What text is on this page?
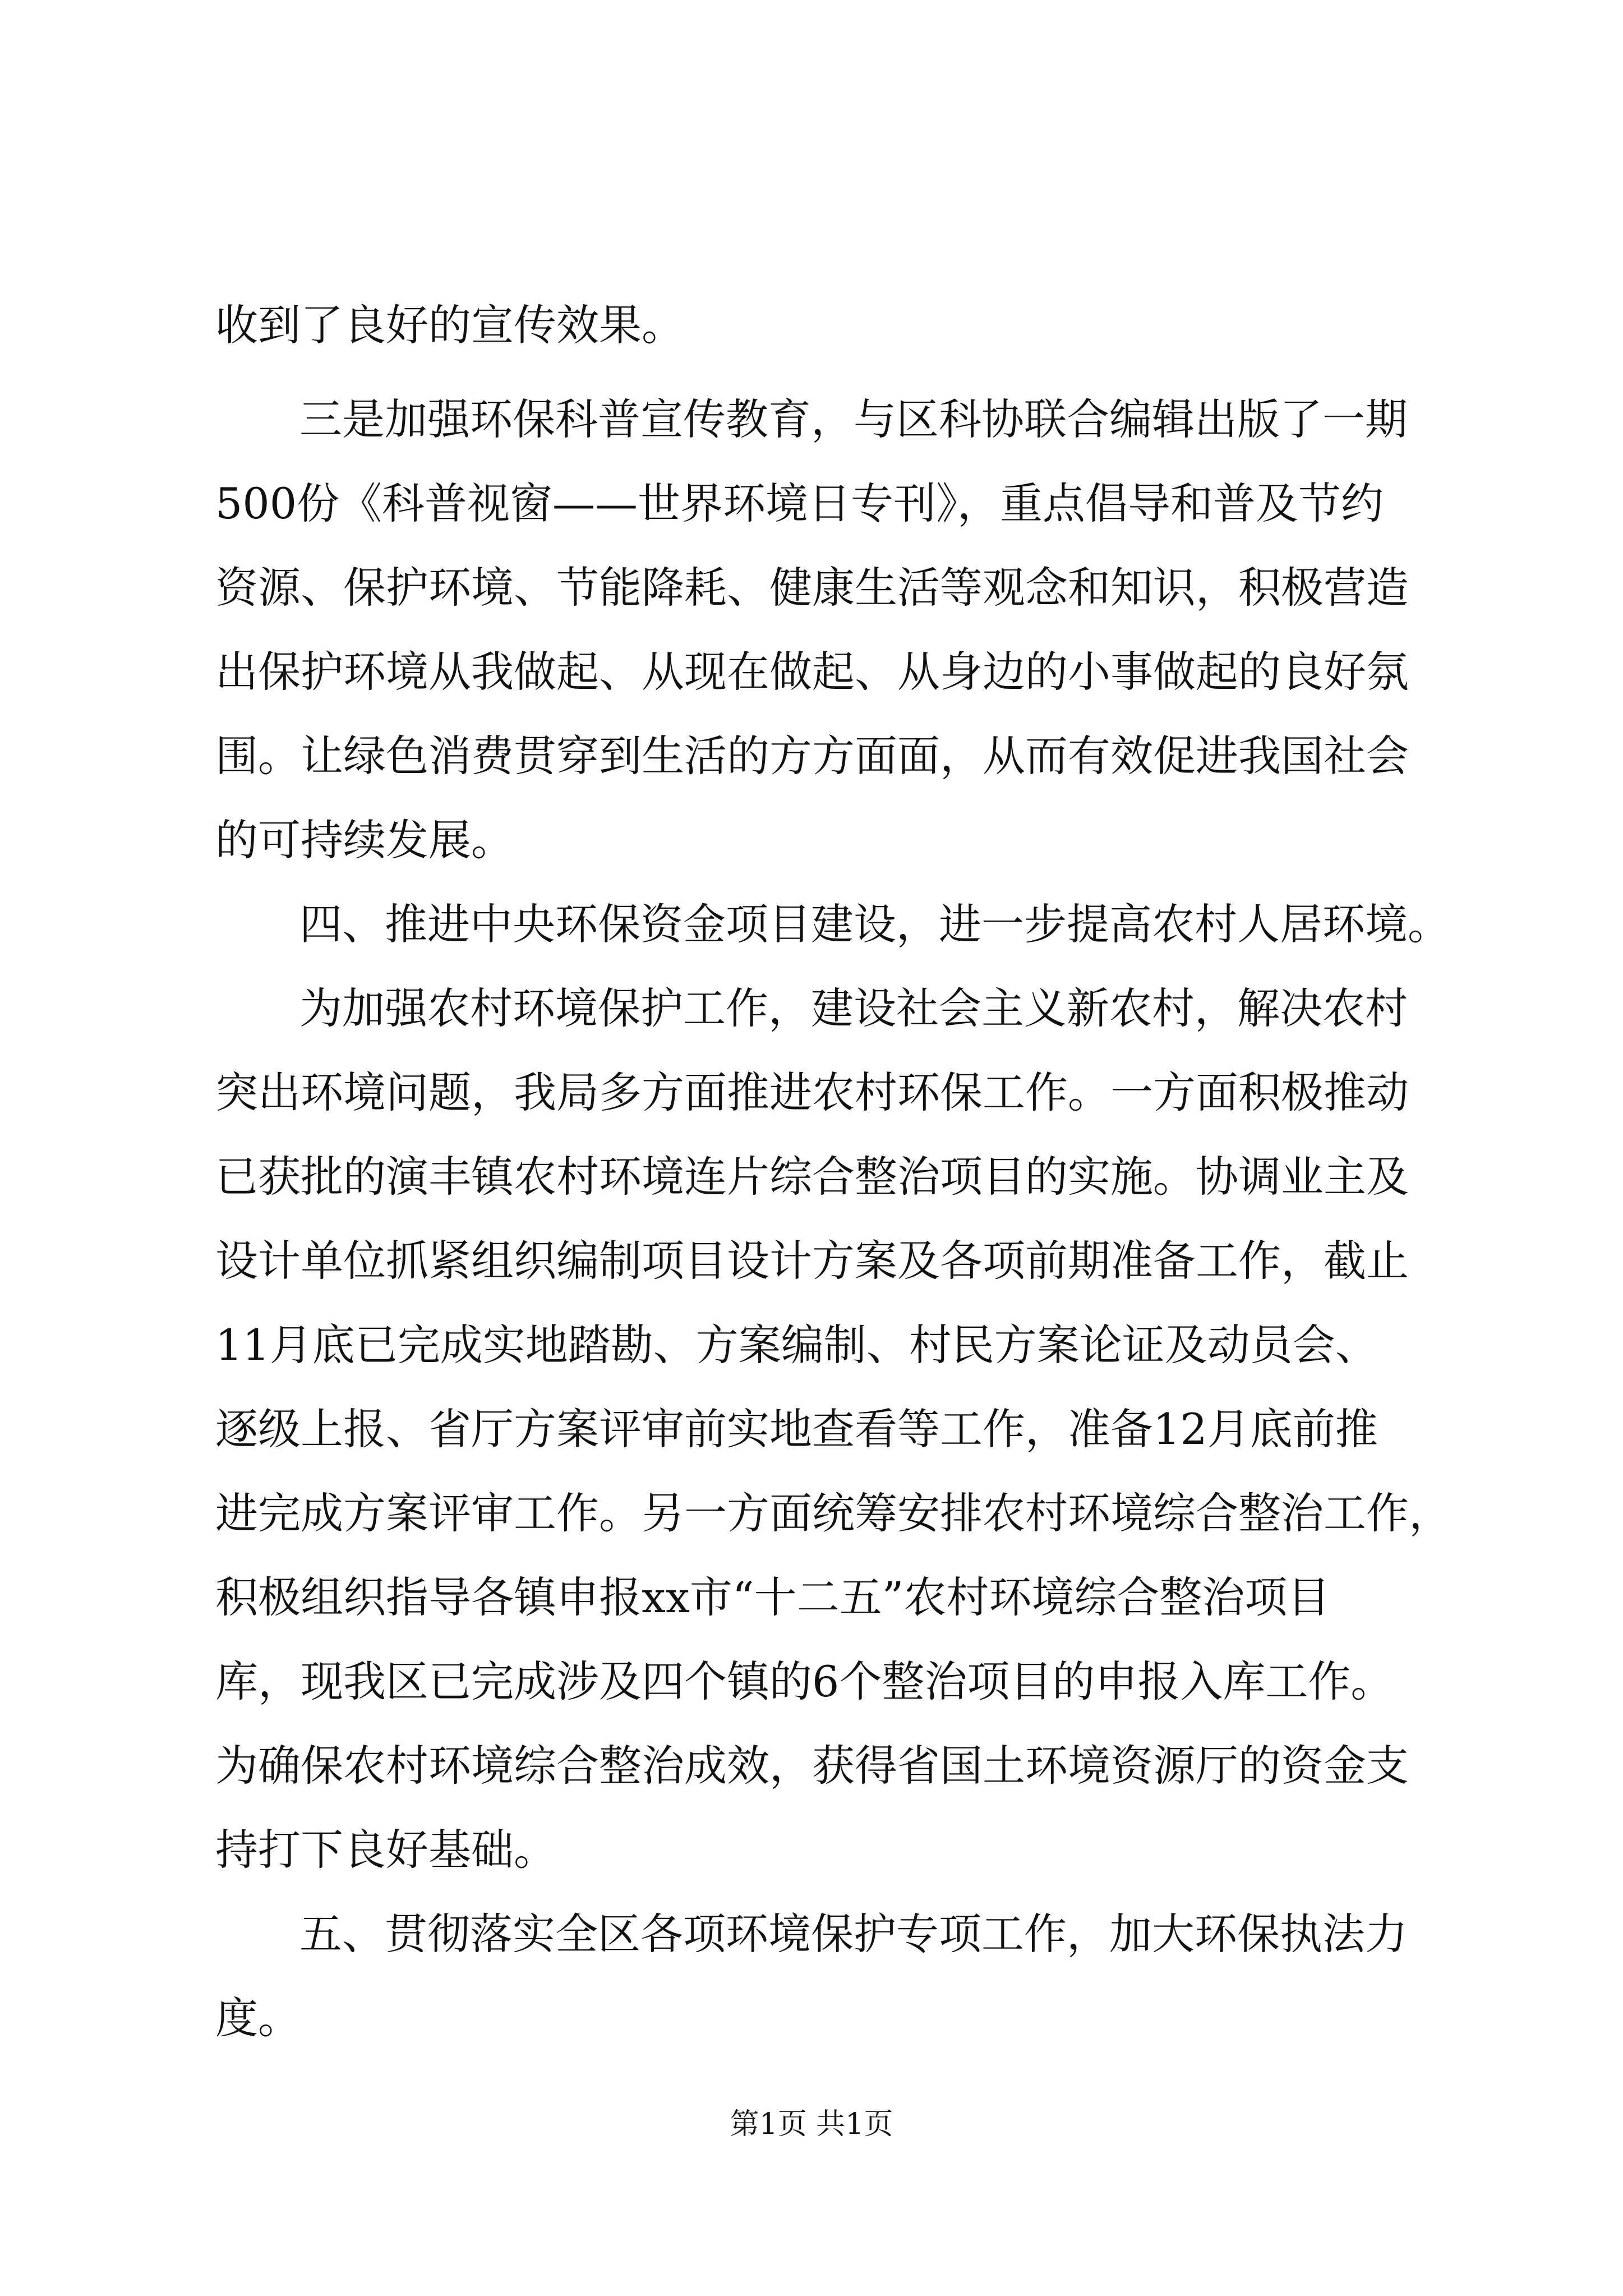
收到了良好的宣传效果。

三是加强环保科普宣传教育，与区科协联合编辑出版了一期

500份《科普视窗——世界环境日专刊》，重点倡导和普及节约

资源、保护环境、节能降耗、健康生活等观念和知识，积极营造

出保护环境从我做起、从现在做起、从身边的小事做起的良好氛

围。让绿色消费贯穿到生活的方方面面，从而有效促进我国社会

的可持续发展。

四、推进中央环保资金项目建设，进一步提高农村人居环境。

为加强农村环境保护工作，建设社会主义新农村，解决农村

突出环境问题，我局多方面推进农村环保工作。一方面积极推动

已获批的演丰镇农村环境连片综合整治项目的实施。协调业主及

设计单位抓紧组织编制项目设计方案及各项前期准备工作，截止

11月底已完成实地踏勘、方案编制、村民方案论证及动员会、

逐级上报、省厅方案评审前实地查看等工作，准备12月底前推

进完成方案评审工作。另一方面统筹安排农村环境综合整治工作，

积极组织指导各镇申报xx市“十二五”农村环境综合整治项目

库，现我区已完成涉及四个镇的6个整治项目的申报入库工作。

为确保农村环境综合整治成效，获得省国土环境资源厅的资金支

持打下良好基础。

五、贯彻落实全区各项环境保护专项工作，加大环保执法力

度。

第1页 共1页
